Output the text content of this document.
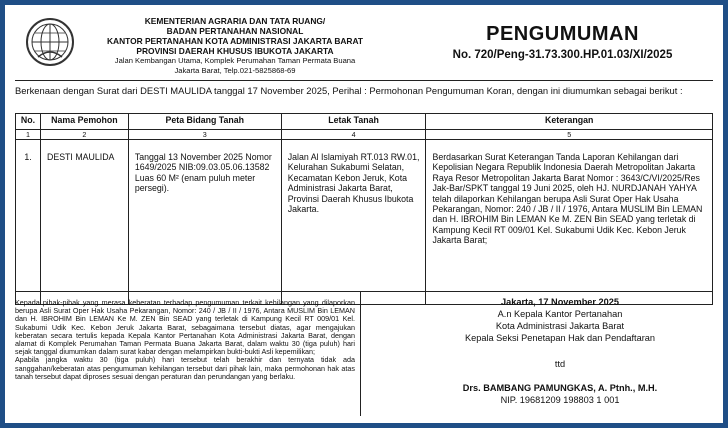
KEMENTERIAN AGRARIA DAN TATA RUANG/
BADAN PERTANAHAN NASIONAL
KANTOR PERTANAHAN KOTA ADMINISTRASI JAKARTA BARAT
PROVINSI DAERAH KHUSUS IBUKOTA JAKARTA
Jalan Kembangan Utama, Komplek Perumahan Taman Permata Buana
Jakarta Barat, Telp.021-5825868-69
PENGUMUMAN
No. 720/Peng-31.73.300.HP.01.03/XI/2025
Berkenaan dengan Surat dari DESTI MAULIDA tanggal 17 November 2025, Perihal : Permohonan Pengumuman Koran, dengan ini diumumkan sebagai berikut :
No.	Nama Pemohon	Peta Bidang Tanah	Letak Tanah	Keterangan
1	2	3	4	5
1.	DESTI MAULIDA	Tanggal 13 November 2025 Nomor 1649/2025 NIB:09.03.05.06.13582 Luas 60 M² (enam puluh meter persegi).	Jalan Al Islamiyah RT.013 RW.01, Kelurahan Sukabumi Selatan, Kecamatan Kebon Jeruk, Kota Administrasi Jakarta Barat, Provinsi Daerah Khusus Ibukota Jakarta.	Berdasarkan Surat Keterangan Tanda Laporan Kehilangan dari Kepolisian Negara Republik Indonesia Daerah Metropolitan Jakarta Raya Resor Metropolitan Jakarta Barat Nomor : 3643/C/VI/2025/Res Jak-Bar/SPKT tanggal 19 Juni 2025, oleh HJ. NURDJANAH YAHYA telah dilaporkan Kehilangan berupa Asli Surat Oper Hak Usaha Pekarangan, Nomor: 240 / JB / II / 1976, Antara MUSLIM Bin LEMAN dan H. IBROHIM Bin LEMAN Ke M. ZEN Bin SEAD yang terletak di Kampung Kecil RT 009/01 Kel. Sukabumi Udik Kec. Kebon Jeruk Jakarta Barat;

Kepada pihak-pihak yang merasa keberatan terhadap pengumuman terkait kehilangan yang dilaporkan berupa Asli Surat Oper Hak Usaha Pekarangan, Nomor: 240 / JB / II / 1976, Antara MUSLIM Bin LEMAN dan H. IBROHIM Bin LEMAN Ke M. ZEN Bin SEAD yang terletak di Kampung Kecil RT 009/01 Kel. Sukabumi Udik Kec. Kebon Jeruk Jakarta Barat, sebagaimana tersebut diatas, agar mengajukan keberatan secara tertulis kepada Kepala Kantor Pertanahan Kota Administrasi Jakarta Barat, dengan alamat di Komplek Perumahan Taman Permata Buana Jakarta Barat, dalam waktu 30 (tiga puluh) hari sejak tanggal diumumkan dalam surat kabar dengan melampirkan bukti-bukti Asli kepemilikan;

Apabila jangka waktu 30 (tiga puluh) hari tersebut telah berakhir dan ternyata tidak ada sanggahan/keberatan atas pengumuman kehilangan tersebut dari pihak lain, maka permohonan hak atas tanah tersebut dapat diproses sesuai dengan peraturan dan perundangan yang berlaku.

Jakarta, 17 November 2025
A.n Kepala Kantor Pertanahan
Kota Administrasi Jakarta Barat
Kepala Seksi Penetapan Hak dan Pendaftaran
ttd
Drs. BAMBANG PAMUNGKAS, A. Ptnh., M.H.
NIP. 19681209 198803 1 001
